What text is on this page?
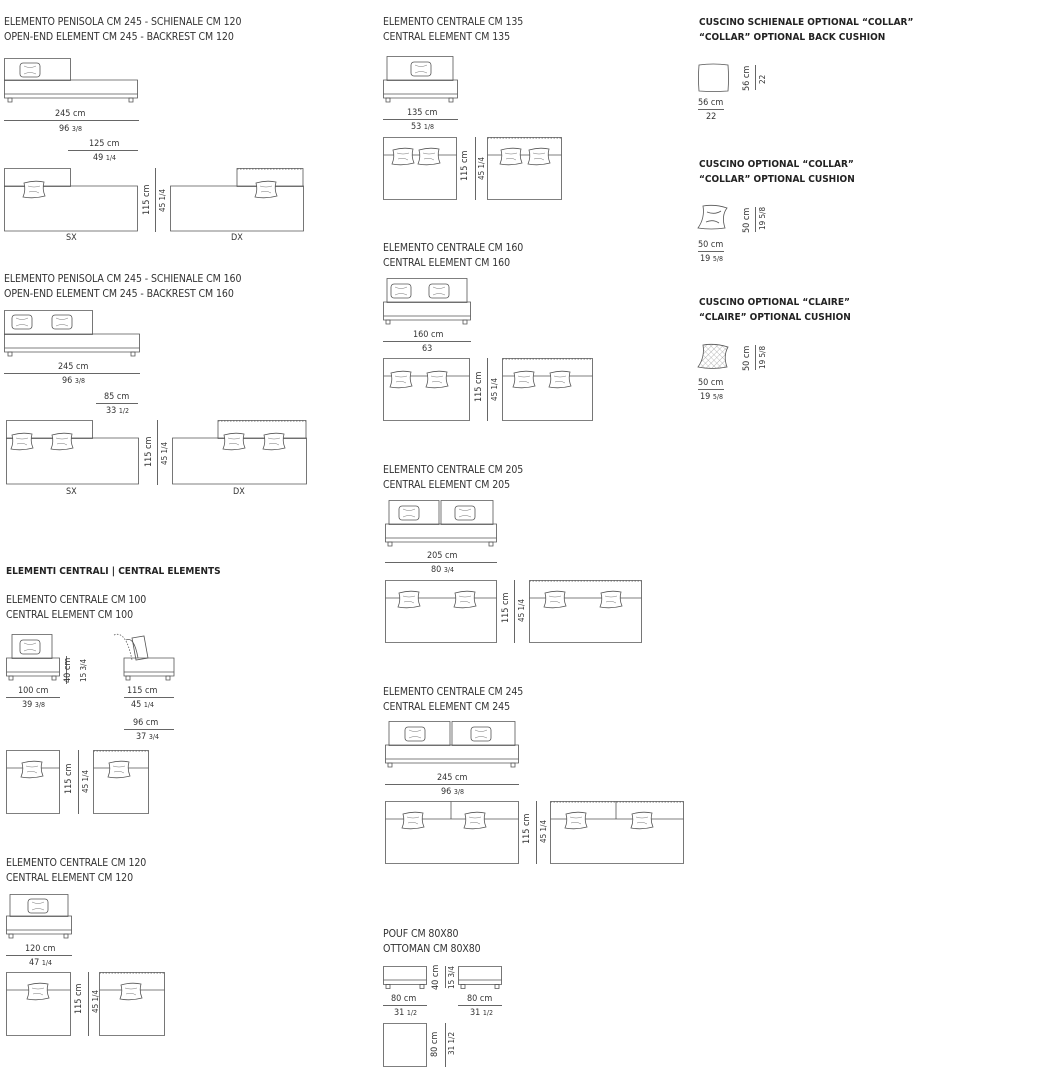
ELEMENTO PENISOLA CM 245 - SCHIENALE CM 120
OPEN-END ELEMENT CM 245 - BACKREST CM 120
245 cm
96 3/8
125 cm
49 1/4
SX
115 cm 45 1/4
DX
ELEMENTO PENISOLA CM 245 - SCHIENALE CM 160
OPEN-END ELEMENT CM 245 - BACKREST CM 160
245 cm
96 3/8
85 cm
33 1/2
SX
115 cm 45 1/4
DX
ELEMENTI CENTRALI | CENTRAL ELEMENTS
ELEMENTO CENTRALE CM 100
CENTRAL ELEMENT CM 100
40 cm 15 3/4
100 cm
39 3/8
115 cm
45 1/4
96 cm
37 3/4
115 cm 45 1/4
ELEMENTO CENTRALE CM 120
CENTRAL ELEMENT CM 120
120 cm
47 1/4
115 cm 45 1/4
ELEMENTO CENTRALE CM 135
CENTRAL ELEMENT CM 135
135 cm
53 1/8
115 cm 45 1/4
ELEMENTO CENTRALE CM 160
CENTRAL ELEMENT CM 160
160 cm
63
115 cm 45 1/4
ELEMENTO CENTRALE CM 205
CENTRAL ELEMENT CM 205
205 cm
80 3/4
115 cm 45 1/4
ELEMENTO CENTRALE CM 245
CENTRAL ELEMENT CM 245
245 cm
96 3/8
115 cm 45 1/4
POUF CM 80X80
OTTOMAN CM 80X80
40 cm 15 3/4
80 cm
31 1/2
80 cm
31 1/2
80 cm 31 1/2
CUSCINO SCHIENALE OPTIONAL “COLLAR”
“COLLAR” OPTIONAL BACK CUSHION
56 cm
22
56 cm 22
CUSCINO OPTIONAL “COLLAR”
“COLLAR” OPTIONAL CUSHION
50 cm
19 5/8
50 cm 19 5/8
CUSCINO OPTIONAL “CLAIRE”
“CLAIRE” OPTIONAL CUSHION
50 cm
19 5/8
50 cm 19 5/8
